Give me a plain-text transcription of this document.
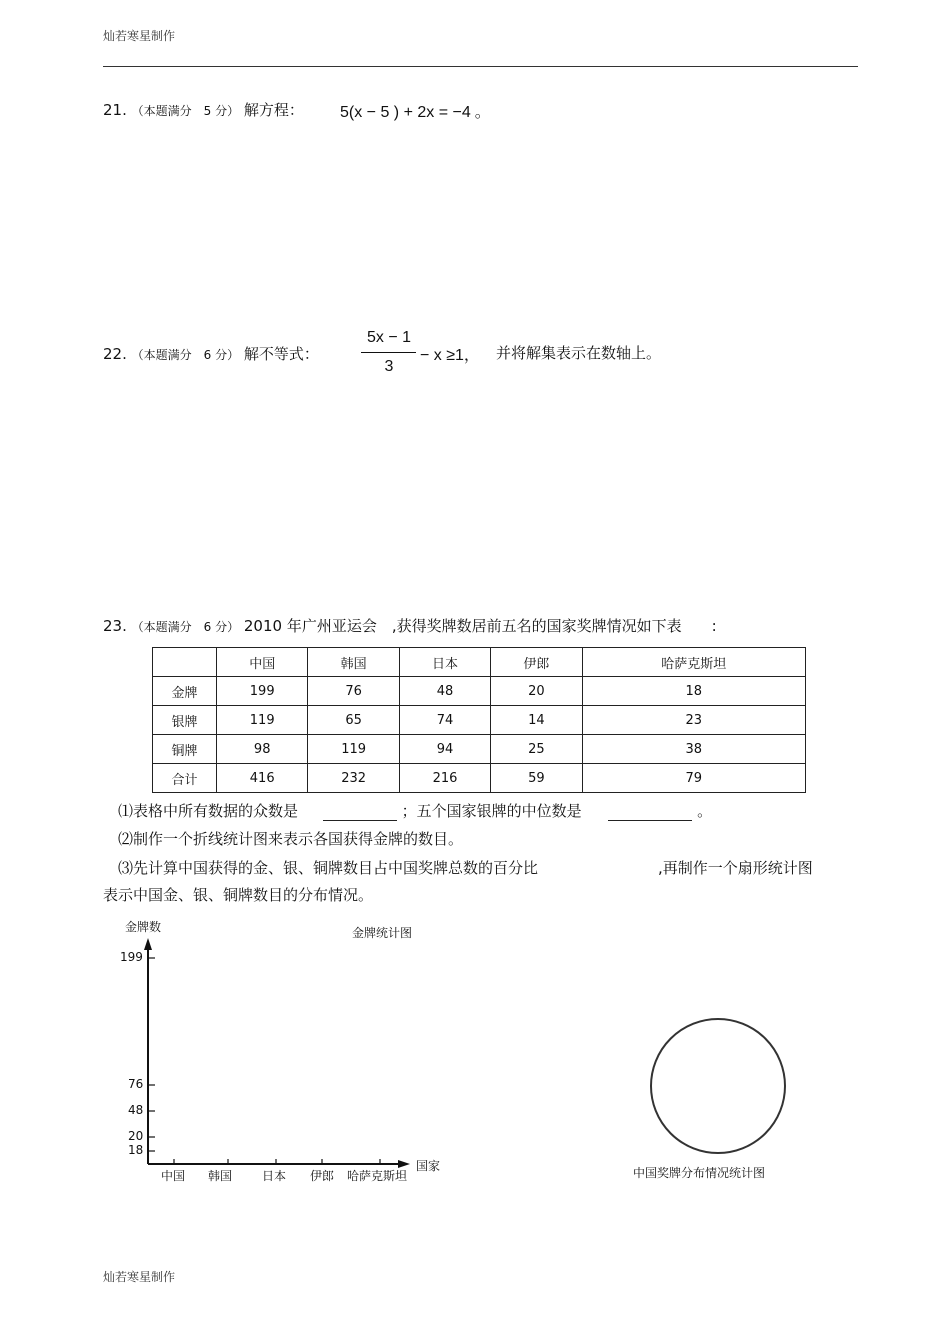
灿若寒星制作
21. （本题满分　5 分） 解方程： 5(x − 5 ) + 2x = −4 。
22. （本题满分　6 分） 解不等式：
5x − 1
3
− x ≥1， 并将解集表示在数轴上。
23. （本题满分　6 分） 2010 年广州亚运会　,获得奖牌数居前五名的国家奖牌情况如下表　　:
	中国	韩国	日本	伊郎	哈萨克斯坦
金牌	199	76	48	20	18
银牌	119	65	74	14	23
铜牌	98	119	94	25	38
合计	416	232	216	59	79
⑴表格中所有数据的众数是	；五个国家银牌的中位数是	。
⑵制作一个折线统计图来表示各国获得金牌的数目。
⑶先计算中国获得的金、银、铜牌数目占中国奖牌总数的百分比	,再制作一个扇形统计图
表示中国金、银、铜牌数目的分布情况。
金牌数	金牌统计图
199
76
48
20
18
中国 韩国 日本 伊郎 哈萨克斯坦
国家	中国奖牌分布情况统计图
灿若寒星制作
